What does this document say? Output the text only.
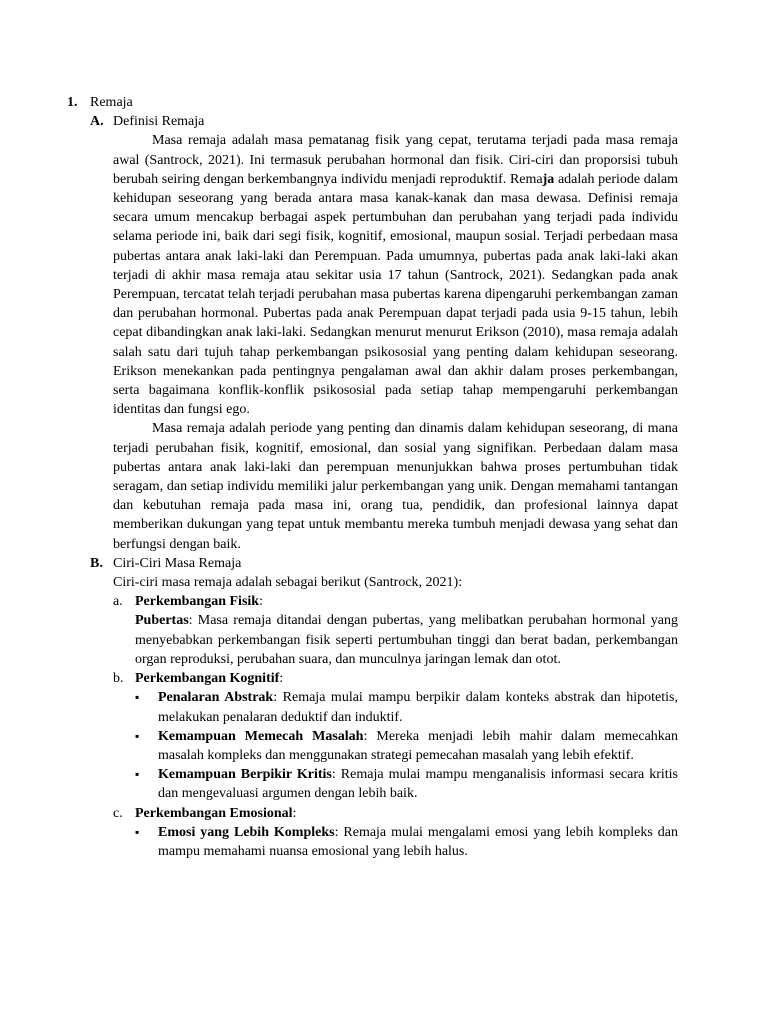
1. Remaja
A. Definisi Remaja
Masa remaja adalah masa pematanag fisik yang cepat, terutama terjadi pada masa remaja awal (Santrock, 2021). Ini termasuk perubahan hormonal dan fisik. Ciri-ciri dan proporsisi tubuh berubah seiring dengan berkembangnya individu menjadi reproduktif. Remaja adalah periode dalam kehidupan seseorang yang berada antara masa kanak-kanak dan masa dewasa. Definisi remaja secara umum mencakup berbagai aspek pertumbuhan dan perubahan yang terjadi pada individu selama periode ini, baik dari segi fisik, kognitif, emosional, maupun sosial. Terjadi perbedaan masa pubertas antara anak laki-laki dan Perempuan. Pada umumnya, pubertas pada anak laki-laki akan terjadi di akhir masa remaja atau sekitar usia 17 tahun (Santrock, 2021). Sedangkan pada anak Perempuan, tercatat telah terjadi perubahan masa pubertas karena dipengaruhi perkembangan zaman dan perubahan hormonal. Pubertas pada anak Perempuan dapat terjadi pada usia 9-15 tahun, lebih cepat dibandingkan anak laki-laki. Sedangkan menurut menurut Erikson (2010), masa remaja adalah salah satu dari tujuh tahap perkembangan psikososial yang penting dalam kehidupan seseorang. Erikson menekankan pada pentingnya pengalaman awal dan akhir dalam proses perkembangan, serta bagaimana konflik-konflik psikososial pada setiap tahap mempengaruhi perkembangan identitas dan fungsi ego.
Masa remaja adalah periode yang penting dan dinamis dalam kehidupan seseorang, di mana terjadi perubahan fisik, kognitif, emosional, dan sosial yang signifikan. Perbedaan dalam masa pubertas antara anak laki-laki dan perempuan menunjukkan bahwa proses pertumbuhan tidak seragam, dan setiap individu memiliki jalur perkembangan yang unik. Dengan memahami tantangan dan kebutuhan remaja pada masa ini, orang tua, pendidik, dan profesional lainnya dapat memberikan dukungan yang tepat untuk membantu mereka tumbuh menjadi dewasa yang sehat dan berfungsi dengan baik.
B. Ciri-Ciri Masa Remaja
Ciri-ciri masa remaja adalah sebagai berikut (Santrock, 2021):
a. Perkembangan Fisik:
Pubertas: Masa remaja ditandai dengan pubertas, yang melibatkan perubahan hormonal yang menyebabkan perkembangan fisik seperti pertumbuhan tinggi dan berat badan, perkembangan organ reproduksi, perubahan suara, dan munculnya jaringan lemak dan otot.
b. Perkembangan Kognitif:
▪ Penalaran Abstrak: Remaja mulai mampu berpikir dalam konteks abstrak dan hipotetis, melakukan penalaran deduktif dan induktif.
▪ Kemampuan Memecah Masalah: Mereka menjadi lebih mahir dalam memecahkan masalah kompleks dan menggunakan strategi pemecahan masalah yang lebih efektif.
▪ Kemampuan Berpikir Kritis: Remaja mulai mampu menganalisis informasi secara kritis dan mengevaluasi argumen dengan lebih baik.
c. Perkembangan Emosional:
▪ Emosi yang Lebih Kompleks: Remaja mulai mengalami emosi yang lebih kompleks dan mampu memahami nuansa emosional yang lebih halus.
